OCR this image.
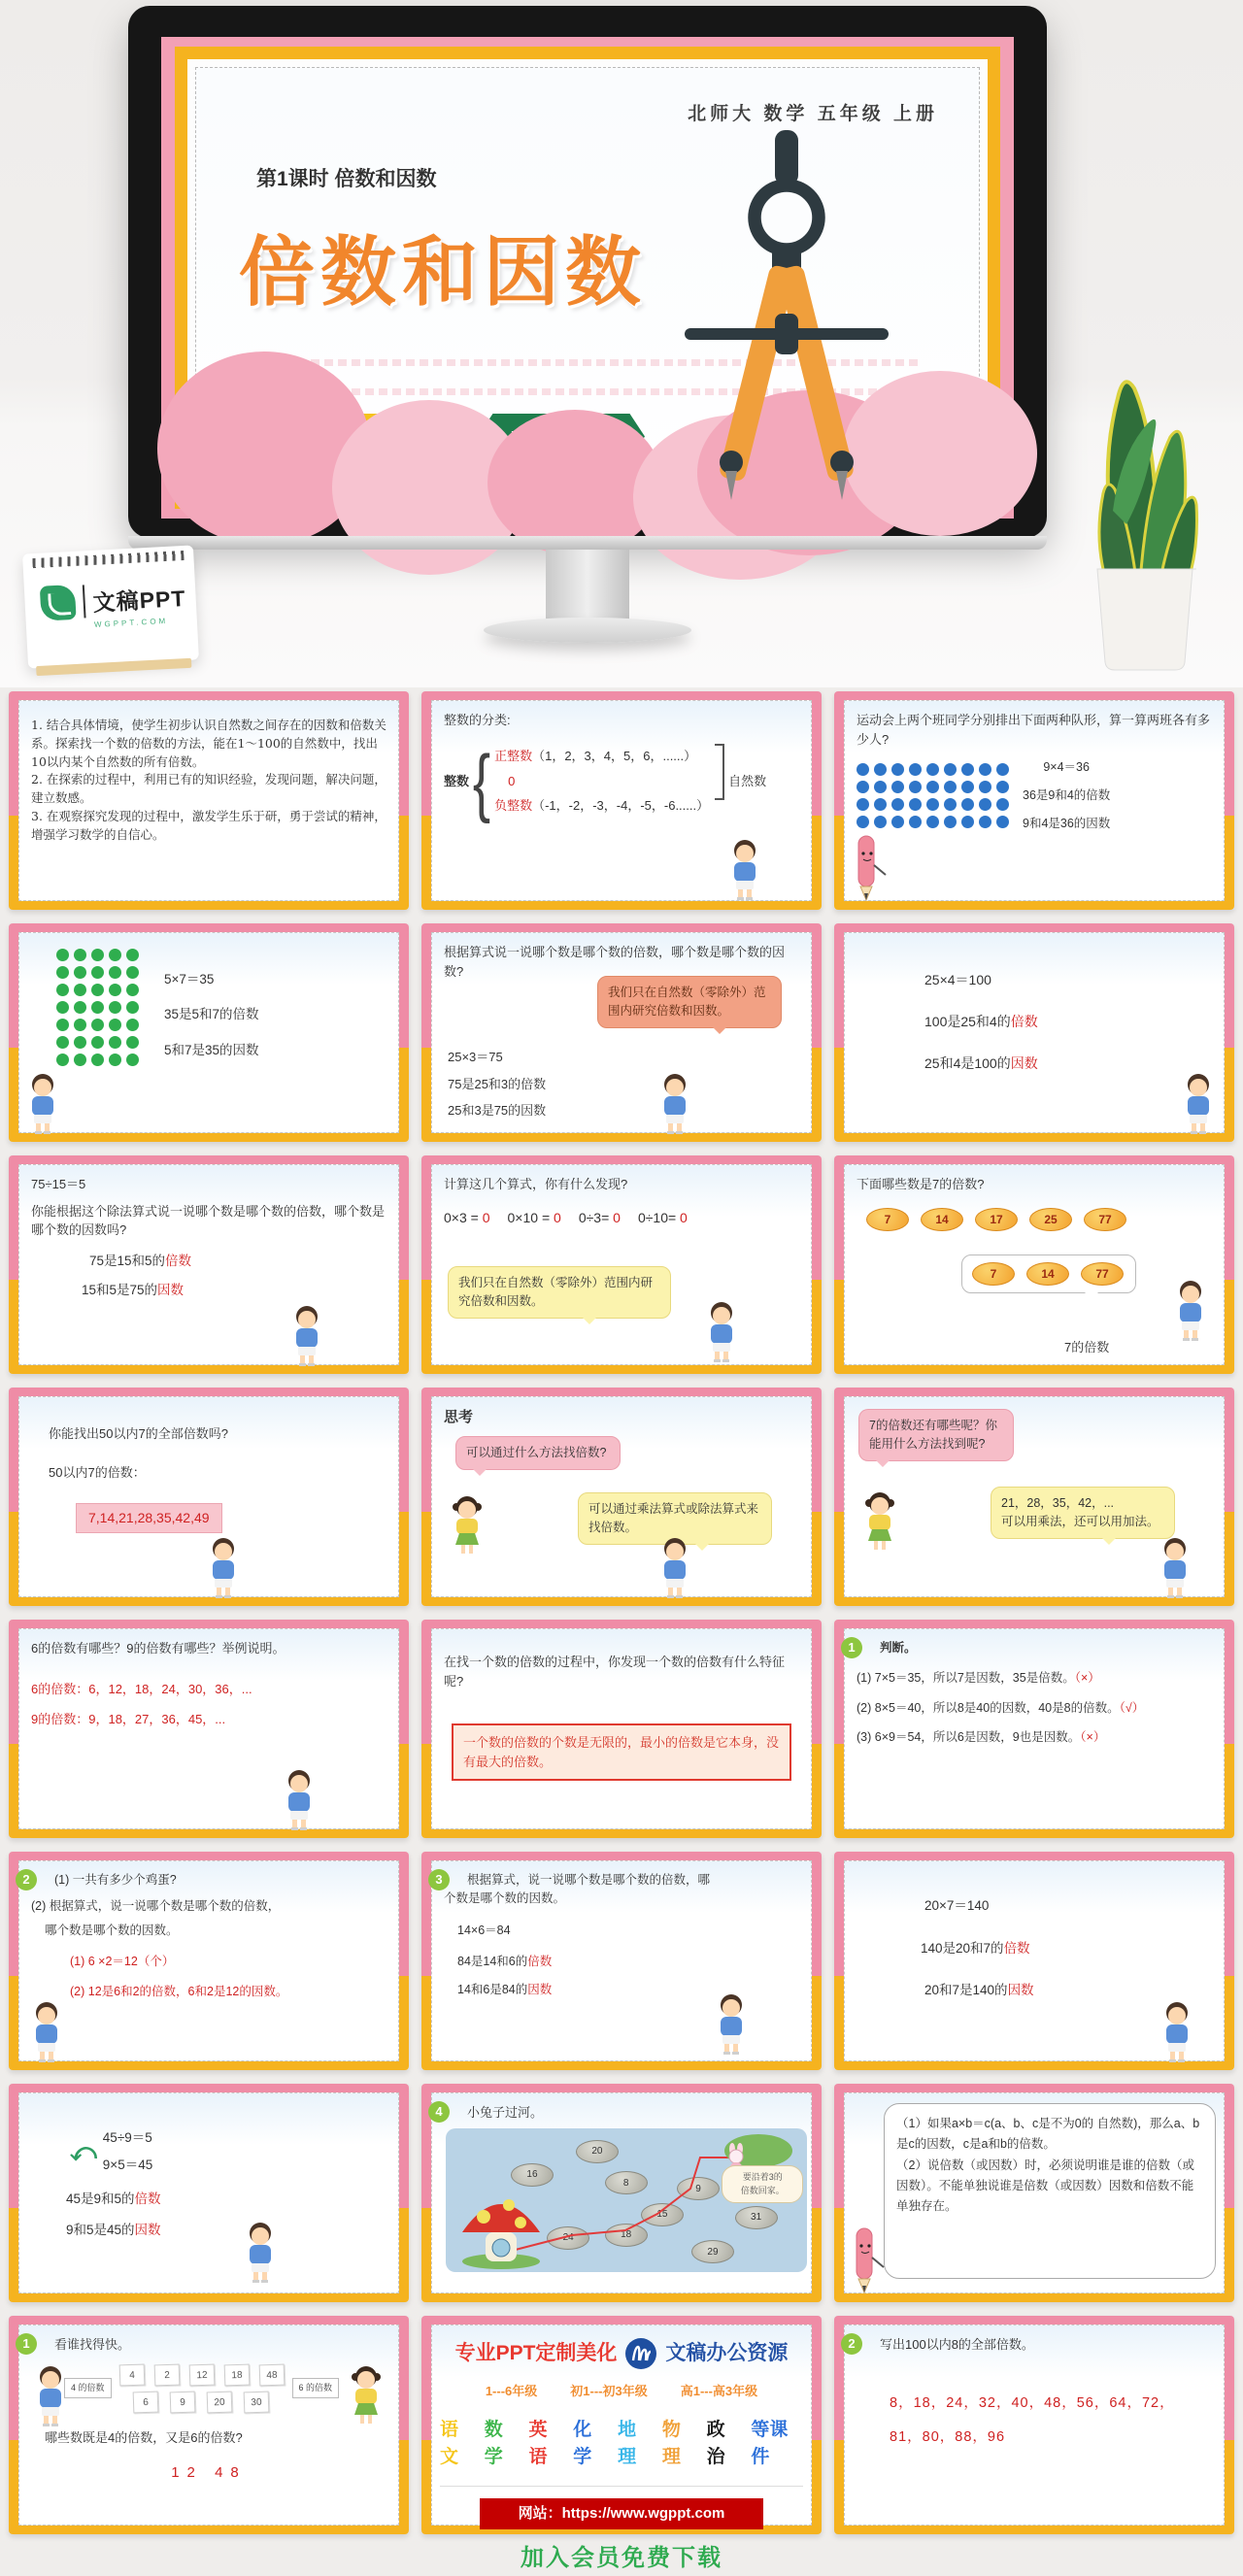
北师大 数学 五年级 上册
第1课时 倍数和因数
倍数和因数
文稿PPT
WGPPT.COM
1. 结合具体情境，使学生初步认识自然数之间存在的因数和倍数关系。探索找一个数的倍数的方法，能在1～100的自然数中，找出10以内某个自然数的所有倍数。
2. 在探索的过程中，利用已有的知识经验，发现问题，解决问题，建立数感。
3. 在观察探究发现的过程中，激发学生乐于研，勇于尝试的精神，增强学习数学的自信心。
整数的分类:
整数 { 正整数（1，2，3，4，5，6，......）
0
负整数（-1，-2，-3，-4，-5，-6......）
自然数
运动会上两个班同学分别排出下面两种队形，算一算两班各有多少人?
9×4＝36
36是9和4的倍数
9和4是36的因数
5×7＝35
35是5和7的倍数
5和7是35的因数
根据算式说一说哪个数是哪个数的倍数，哪个数是哪个数的因数?
我们只在自然数（零除外）范围内研究倍数和因数。
25×3＝75
75是25和3的倍数
25和3是75的因数
25×4＝100
100是25和4的倍数
25和4是100的因数
75÷15＝5
你能根据这个除法算式说一说哪个数是哪个数的倍数，哪个数是哪个数的因数吗?
75是15和5的倍数
15和5是75的因数
计算这几个算式，你有什么发现?
0×3 = 0 0×10 = 0 0÷3= 0 0÷10= 0
我们只在自然数（零除外）范围内研究倍数和因数。
下面哪些数是7的倍数?
7	14	17	25	77
7	14	77
7的倍数
你能找出50以内7的全部倍数吗?
50以内7的倍数：
7,14,21,28,35,42,49
思考
可以通过什么方法找倍数?
可以通过乘法算式或除法算式来找倍数。
7的倍数还有哪些呢？你能用什么方法找到呢?
21，28，35，42，...
可以用乘法，还可以用加法。
6的倍数有哪些？9的倍数有哪些？举例说明。
6的倍数：6，12，18，24，30，36，...
9的倍数：9，18，27，36，45，...
在找一个数的倍数的过程中，你发现一个数的倍数有什么特征呢?
一个数的倍数的个数是无限的，最小的倍数是它本身，没有最大的倍数。
1	判断。
(1) 7×5＝35，所以7是因数，35是倍数。（×）
(2) 8×5＝40，所以8是40的因数，40是8的倍数。（√）
(3) 6×9＝54，所以6是因数，9也是因数。（×）
2	(1) 一共有多少个鸡蛋?
(2) 根据算式，说一说哪个数是哪个数的倍数，
哪个数是哪个数的因数。
(1) 6 ×2＝12（个）
(2) 12是6和2的倍数，6和2是12的因数。
3	根据算式，说一说哪个数是哪个数的倍数，哪
个数是哪个数的因数。
14×6＝84
84是14和6的倍数
14和6是84的因数
20×7＝140
140是20和7的倍数
20和7是140的因数
⤺ 45÷9＝5
9×5＝45
45是9和5的倍数
9和5是45的因数
4	小兔子过河。
20
16
8
9
15
18
24
31
29
要沿着3的
倍数回家。
（1）如果a×b＝c(a、b、c是不为0的 自然数)，那么a、b是c的因数，c是a和b的倍数。
（2）说倍数（或因数）时，必须说明谁是谁的倍数（或因数）。不能单独说谁是倍数（或因数）因数和倍数不能单独存在。
1	看谁找得快。
4 的倍数
4	2	12	18	48
6	9	20	30
6 的倍数
哪些数既是4的倍数，又是6的倍数?
12 48
专业PPT定制美化 文稿办公资源
1---6年级	初1---初3年级	高1---高3年级
语文
数学
英语
化学
地理
物理
政治
等课件
网站：https://www.wgppt.com
加入会员免费下载
2	写出100以内8的全部倍数。
8，18，24，32，40，48，56，64，72，
81，80，88，96
